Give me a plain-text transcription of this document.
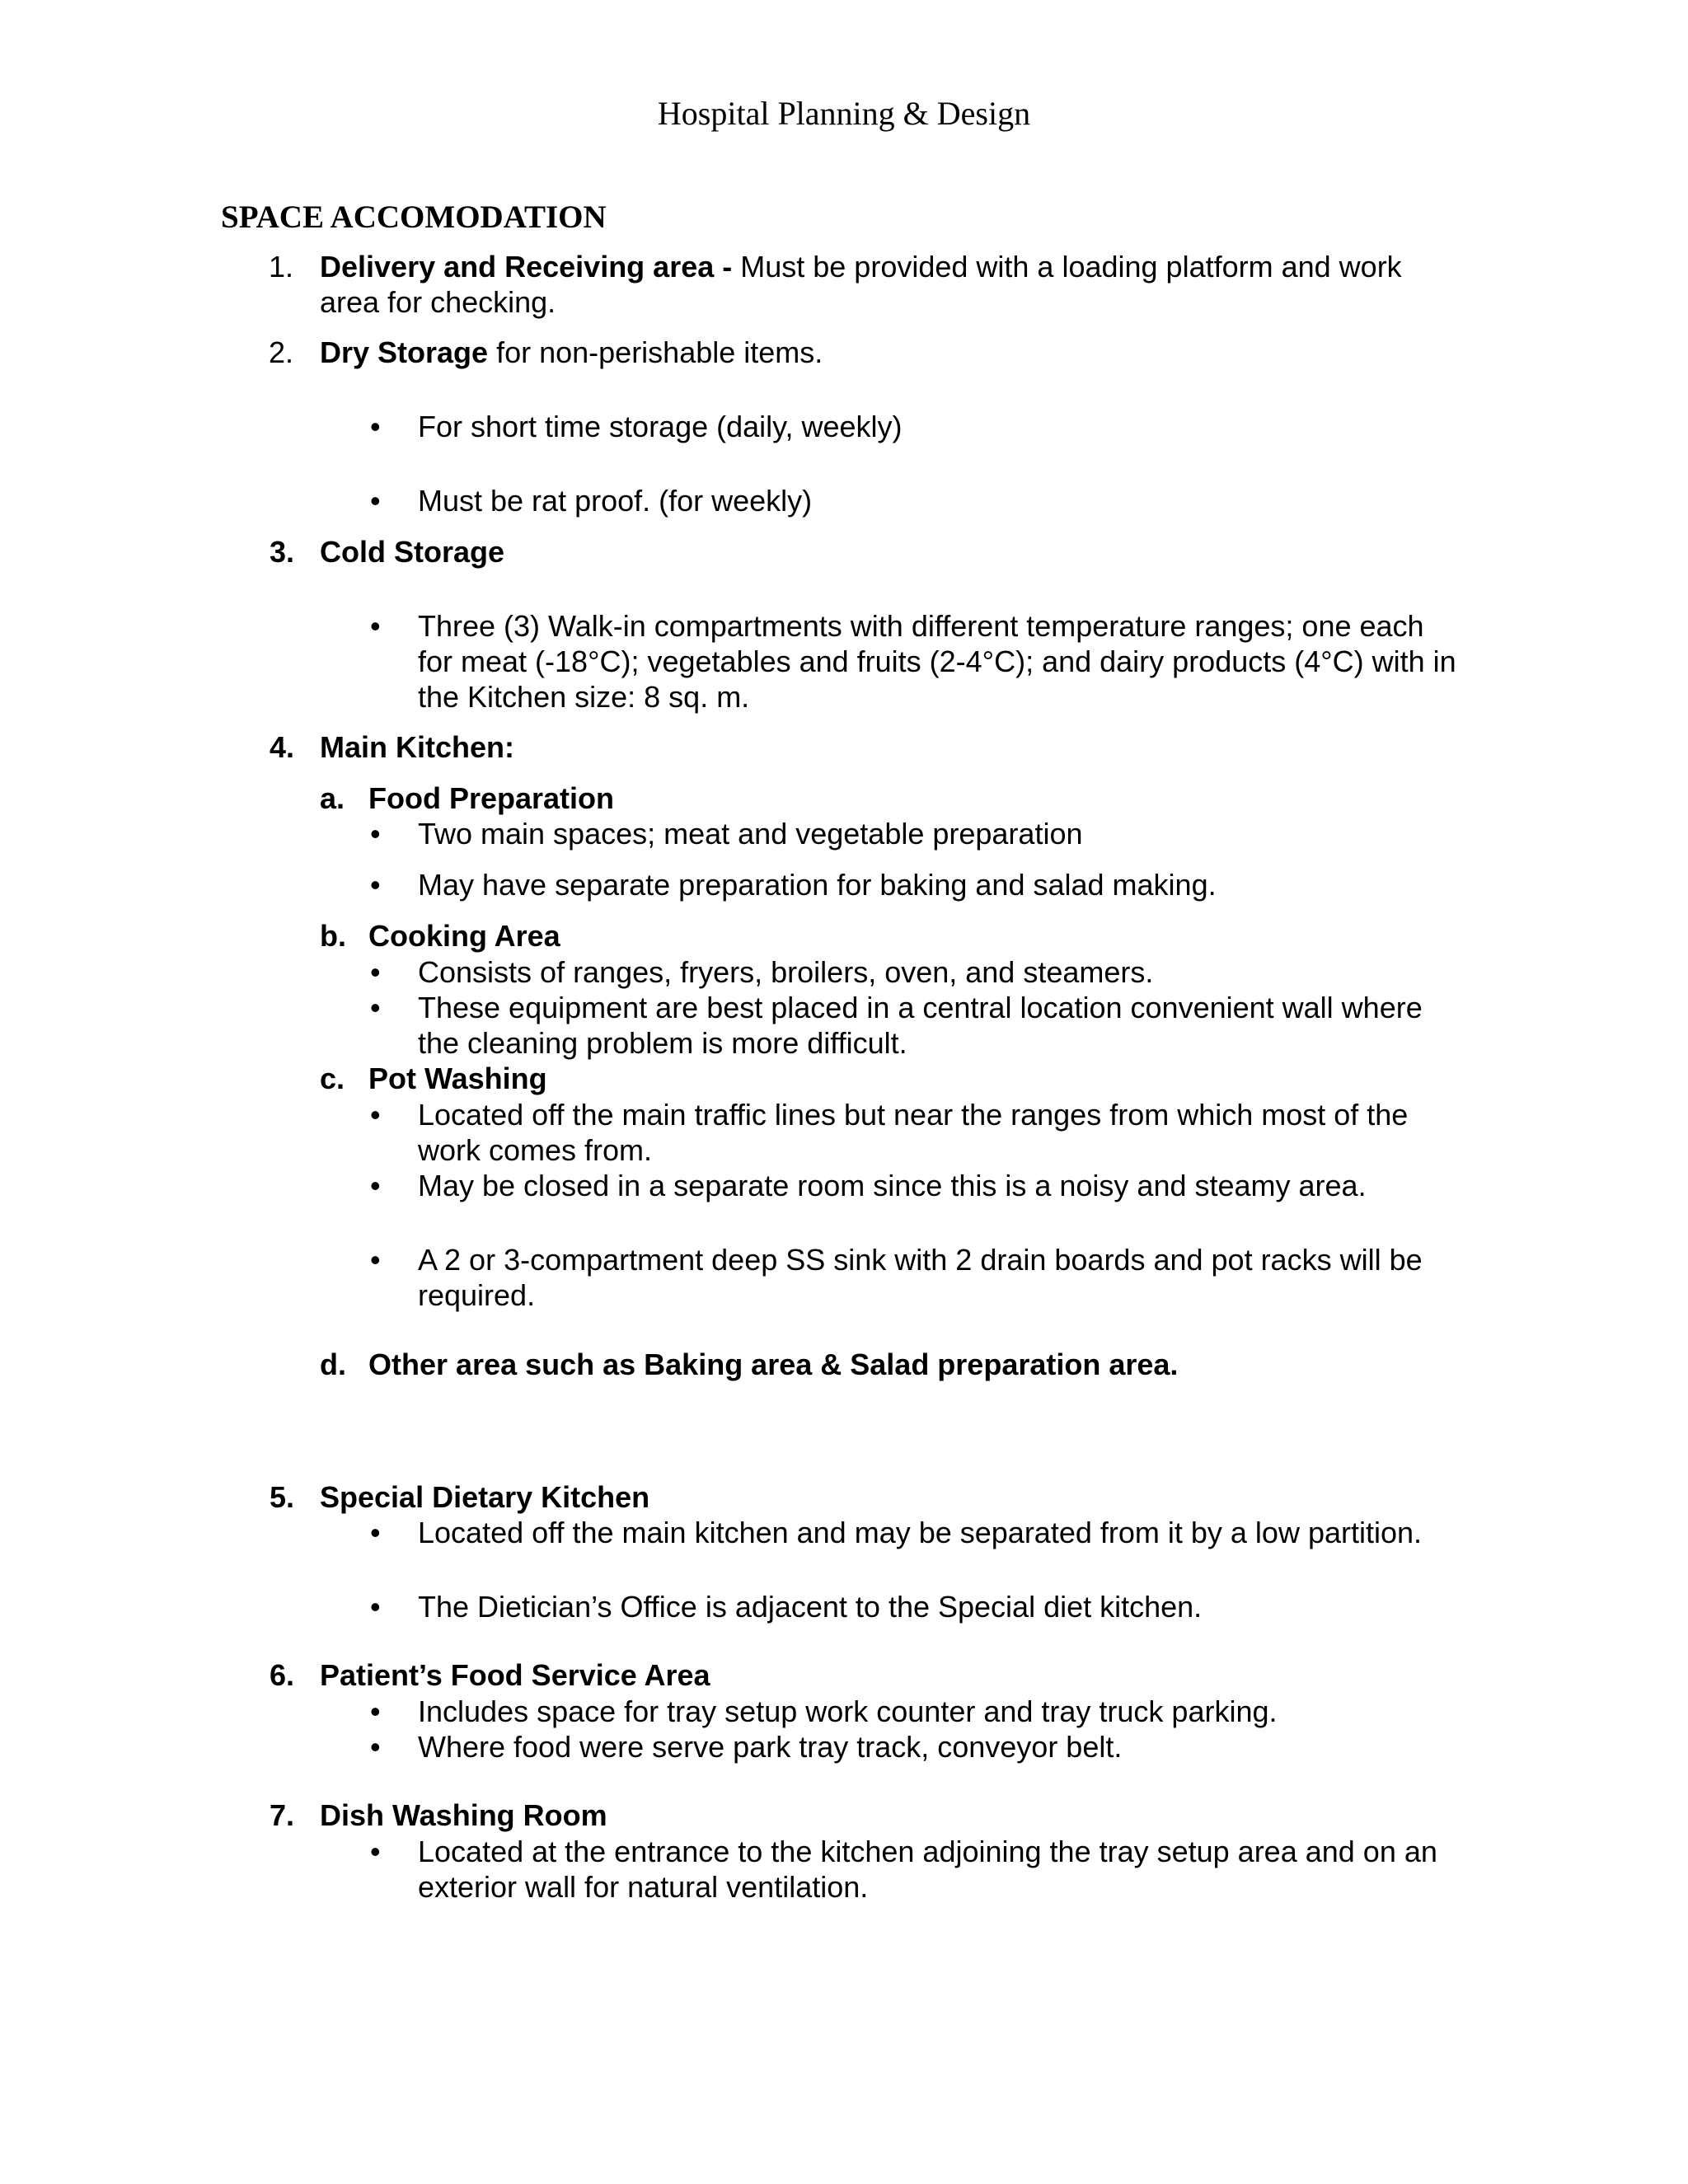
Hospital Planning & Design
SPACE ACCOMODATION
1. Delivery and Receiving area - Must be provided with a loading platform and work
area for checking.
2. Dry Storage for non-perishable items.
• For short time storage (daily, weekly)
• Must be rat proof. (for weekly)
3. Cold Storage
• Three (3) Walk-in compartments with different temperature ranges; one each
for meat (-18°C); vegetables and fruits (2-4°C); and dairy products (4°C) with in
the Kitchen size: 8 sq. m.
4. Main Kitchen:
a. Food Preparation
• Two main spaces; meat and vegetable preparation
• May have separate preparation for baking and salad making.
b. Cooking Area
• Consists of ranges, fryers, broilers, oven, and steamers.
• These equipment are best placed in a central location convenient wall where
the cleaning problem is more difficult.
c. Pot Washing
• Located off the main traffic lines but near the ranges from which most of the
work comes from.
• May be closed in a separate room since this is a noisy and steamy area.
• A 2 or 3-compartment deep SS sink with 2 drain boards and pot racks will be
required.
d. Other area such as Baking area & Salad preparation area.
5. Special Dietary Kitchen
• Located off the main kitchen and may be separated from it by a low partition.
• The Dietician’s Office is adjacent to the Special diet kitchen.
6. Patient’s Food Service Area
• Includes space for tray setup work counter and tray truck parking.
• Where food were serve park tray track, conveyor belt.
7. Dish Washing Room
• Located at the entrance to the kitchen adjoining the tray setup area and on an
exterior wall for natural ventilation.
